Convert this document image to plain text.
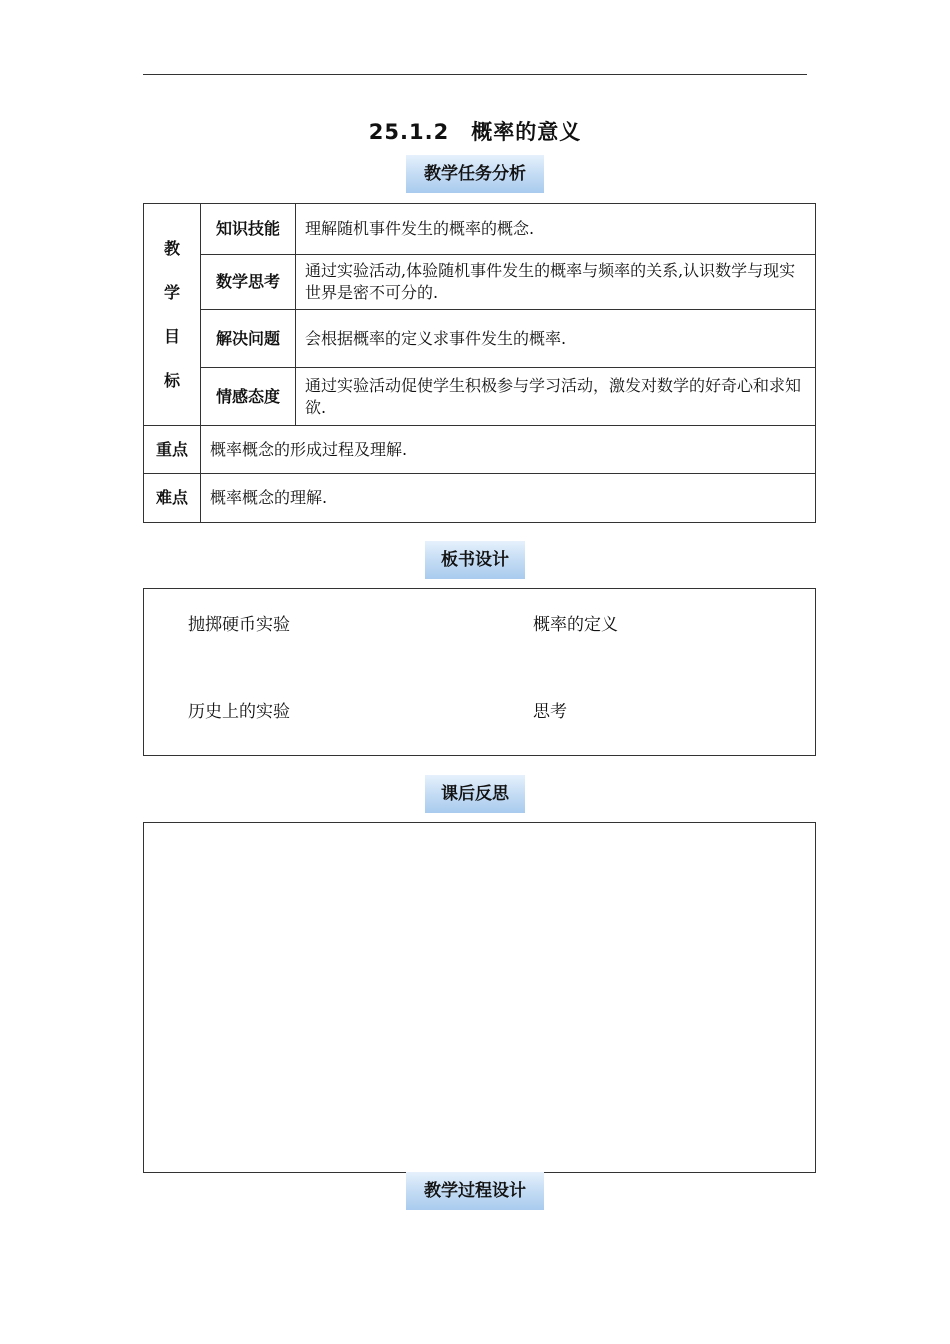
25.1.2　概率的意义
教学任务分析
教
学
目
标	知识技能	理解随机事件发生的概率的概念.
	数学思考	通过实验活动,体验随机事件发生的概率与频率的关系,认识数学与现实世界是密不可分的.
	解决问题	会根据概率的定义求事件发生的概率.
	情感态度	通过实验活动促使学生积极参与学习活动，激发对数学的好奇心和求知欲.
重点	概率概念的形成过程及理解.	
难点	概率概念的理解.	
板书设计
抛掷硬币实验	概率的定义
历史上的实验	思考
课后反思
教学过程设计
